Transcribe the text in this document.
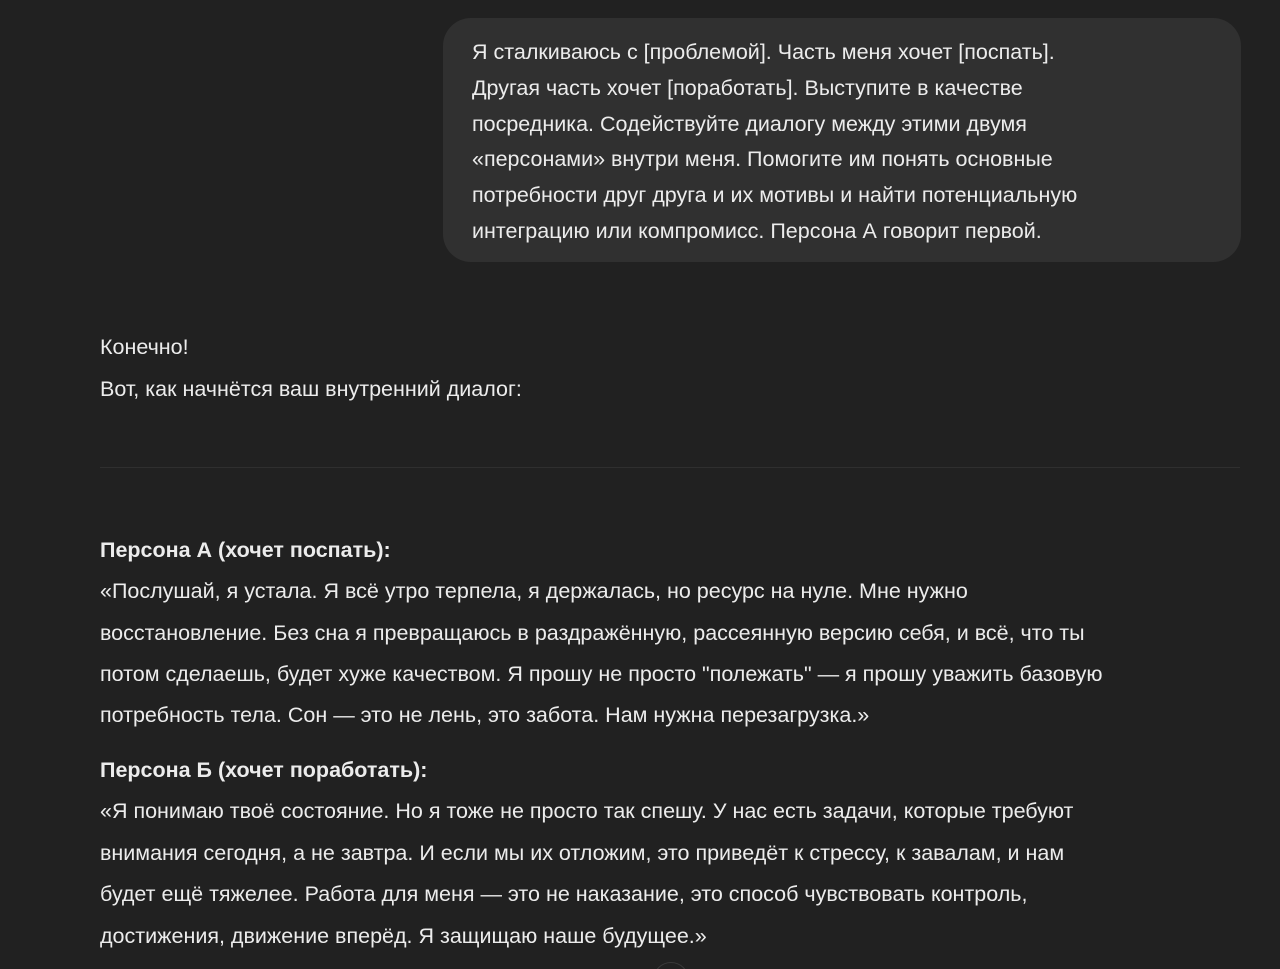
Я сталкиваюсь с [проблемой]. Часть меня хочет [поспать].
Другая часть хочет [поработать]. Выступите в качестве
посредника. Содействуйте диалогу между этими двумя
«персонами» внутри меня. Помогите им понять основные
потребности друг друга и их мотивы и найти потенциальную
интеграцию или компромисс. Персона А говорит первой.
Конечно!
Вот, как начнётся ваш внутренний диалог:
Персона А (хочет поспать):
«Послушай, я устала. Я всё утро терпела, я держалась, но ресурс на нуле. Мне нужно
восстановление. Без сна я превращаюсь в раздражённую, рассеянную версию себя, и всё, что ты
потом сделаешь, будет хуже качеством. Я прошу не просто "полежать" — я прошу уважить базовую
потребность тела. Сон — это не лень, это забота. Нам нужна перезагрузка.»
Персона Б (хочет поработать):
«Я понимаю твоё состояние. Но я тоже не просто так спешу. У нас есть задачи, которые требуют
внимания сегодня, а не завтра. И если мы их отложим, это приведёт к стрессу, к завалам, и нам
будет ещё тяжелее. Работа для меня — это не наказание, это способ чувствовать контроль,
достижения, движение вперёд. Я защищаю наше будущее.»
